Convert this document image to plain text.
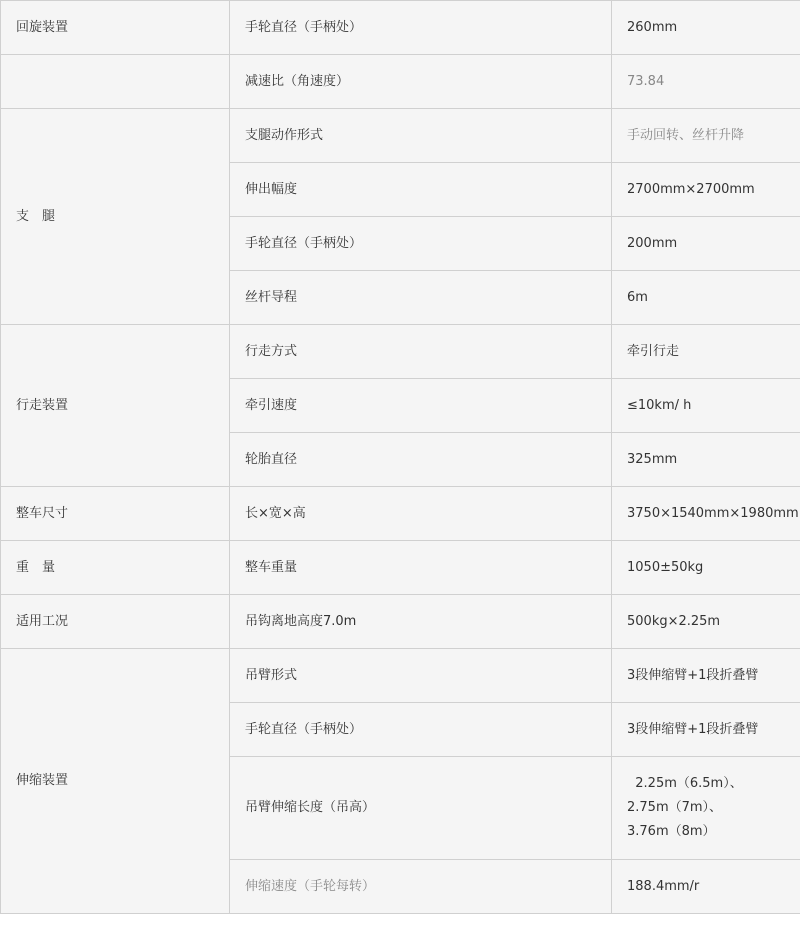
回旋装置	手轮直径（手柄处）	260mm
	减速比（角速度）	73.84
支　腿	支腿动作形式	手动回转、丝杆升降
	伸出幅度	2700mm×2700mm
	手轮直径（手柄处）	200mm
	丝杆导程	6m
行走装置	行走方式	牵引行走
	牵引速度	≤10km/ h
	轮胎直径	325mm
整车尺寸	长×宽×高	3750×1540mm×1980mm
重　量	整车重量	1050±50kg
适用工况	吊钩离地高度7.0m	500kg×2.25m
伸缩装置	吊臂形式	3段伸缩臂+1段折叠臂
	手轮直径（手柄处）	3段伸缩臂+1段折叠臂
	吊臂伸缩长度（吊高）	2.25m（6.5m）、
2.75m（7m）、
3.76m（8m）

	伸缩速度（手轮每转）	188.4mm/r
